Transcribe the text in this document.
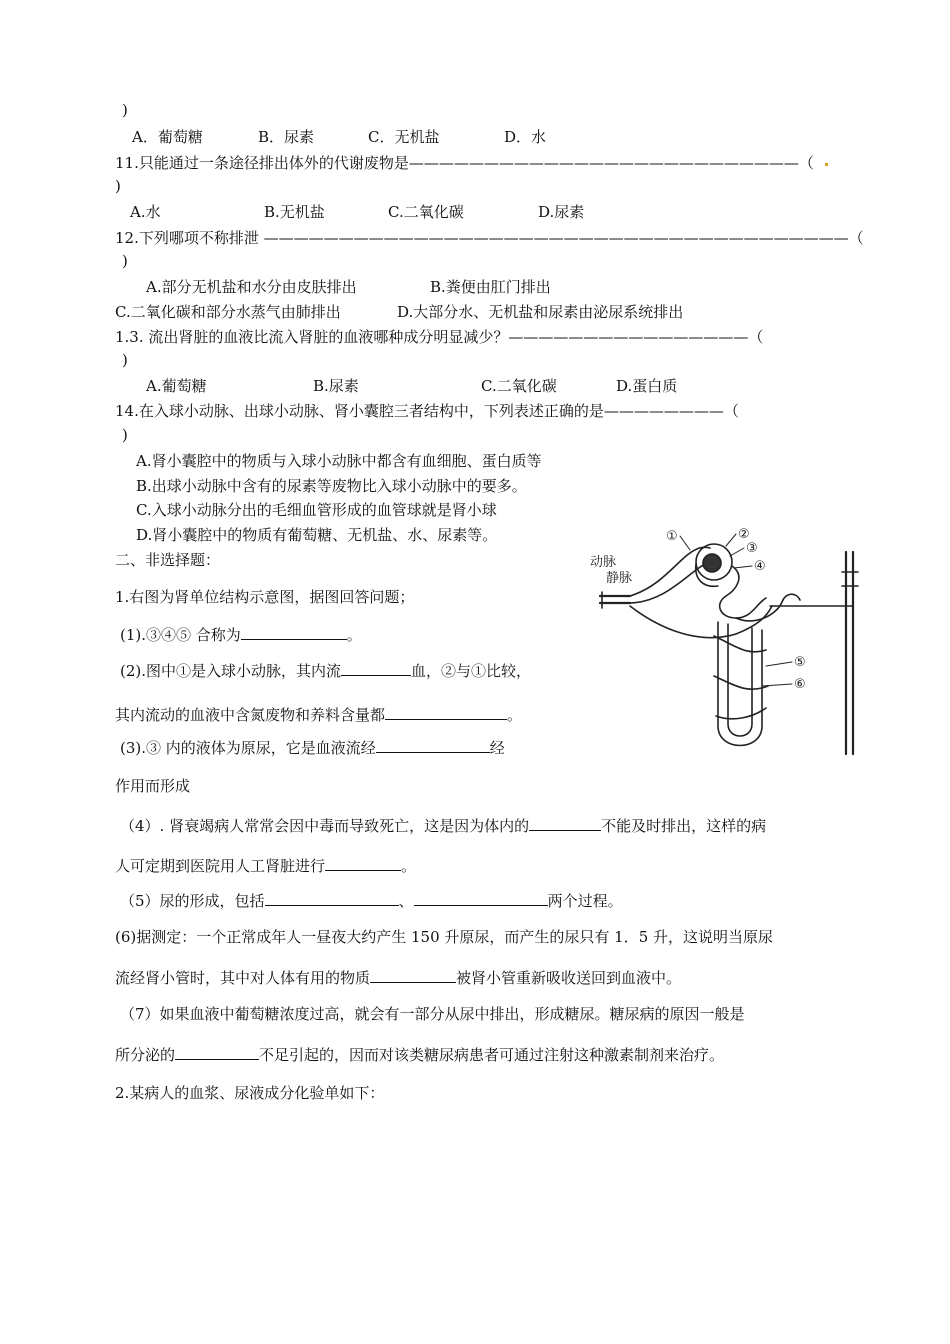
)
A．葡萄糖	B．尿素	C．无机盐	D．水
11.只能通过一条途径排出体外的代谢废物是——————————————————————————（
)
A.水	B.无机盐	C.二氧化碳	D.尿素
12.下列哪项不称排泄 ———————————————————————————————————————（
)
A.部分无机盐和水分由皮肤排出	B.粪便由肛门排出
C.二氧化碳和部分水蒸气由肺排出	D.大部分水、无机盐和尿素由泌尿系统排出
1.3. 流出肾脏的血液比流入肾脏的血液哪种成分明显减少？————————————————（
)
A.葡萄糖	B.尿素	C.二氧化碳	D.蛋白质
14.在入球小动脉、出球小动脉、肾小囊腔三者结构中，下列表述正确的是————————（
)
A.肾小囊腔中的物质与入球小动脉中都含有血细胞、蛋白质等
B.出球小动脉中含有的尿素等废物比入球小动脉中的要多。
C.入球小动脉分出的毛细血管形成的血管球就是肾小球
D.肾小囊腔中的物质有葡萄糖、无机盐、水、尿素等。
二、非选择题：
1.右图为肾单位结构示意图，据图回答问题；
(1).③④⑤ 合称为	。
(2).图中①是入球小动脉，其内流	血，②与①比较，
其内流动的血液中含氮废物和养料含量都	。
(3).③ 内的液体为原尿，它是血液流经	经
作用而形成
（4）. 肾衰竭病人常常会因中毒而导致死亡，这是因为体内的	不能及时排出，这样的病
人可定期到医院用人工肾脏进行	。
（5）尿的形成，包括	、	两个过程。
(6)据测定：一个正常成年人一昼夜大约产生 150 升原尿，而产生的尿只有 1．5 升，这说明当原尿
流经肾小管时，其中对人体有用的物质	被肾小管重新吸收送回到血液中。
（7）如果血液中葡萄糖浓度过高，就会有一部分从尿中排出，形成糖尿。糖尿病的原因一般是
所分泌的	不足引起的，因而对该类糖尿病患者可通过注射这种激素制剂来治疗。
2.某病人的血浆、尿液成分化验单如下：
动脉
静脉
①	②
③
④
⑤
⑥
